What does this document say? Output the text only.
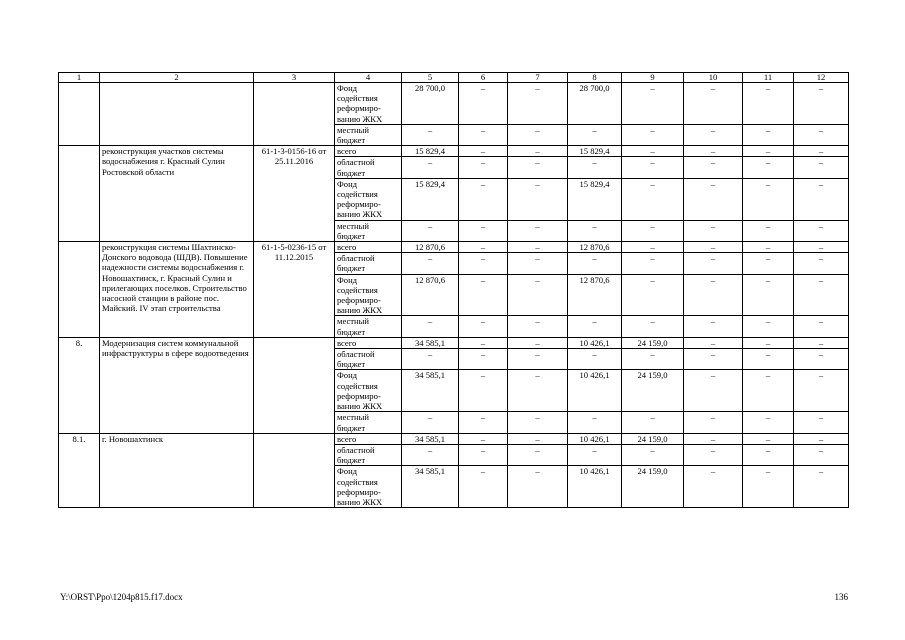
1	2	3	4	5	6	7	8	9	10	11	12
			Фонд содействия реформиро-ванию ЖКХ	28 700,0	–	–	28 700,0	–	–	–	–
			местный бюджет	–	–	–	–	–	–	–	–
	реконструкция участков системы водоснабжения г. Красный Сулин Ростовской области	61-1-3-0156-16 от 25.11.2016	всего	15 829,4	–	–	15 829,4	–	–	–	–
			областной бюджет	–	–	–	–	–	–	–	–
			Фонд содействия реформиро-ванию ЖКХ	15 829,4	–	–	15 829,4	–	–	–	–
			местный бюджет	–	–	–	–	–	–	–	–
	реконструкция системы Шахтинско-Донского водовода (ШДВ). Повышение надежности системы водоснабжения г. Новошахтинск, г. Красный Сулин и прилегающих поселков. Строительство насосной станции в районе пос. Майский. IV этап строительства	61-1-5-0236-15 от 11.12.2015	всего	12 870,6	–	–	12 870,6	–	–	–	–
			областной бюджет	–	–	–	–	–	–	–	–
			Фонд содействия реформиро-ванию ЖКХ	12 870,6	–	–	12 870,6	–	–	–	–
			местный бюджет	–	–	–	–	–	–	–	–
8.	Модернизация систем коммунальной инфраструктуры в сфере водоотведения		всего	34 585,1	–	–	10 426,1	24 159,0	–	–	–
			областной бюджет	–	–	–	–	–	–	–	–
			Фонд содействия реформиро-ванию ЖКХ	34 585,1	–	–	10 426,1	24 159,0	–	–	–
			местный бюджет	–	–	–	–	–	–	–	–
8.1.	г. Новошахтинск		всего	34 585,1	–	–	10 426,1	24 159,0	–	–	–
			областной бюджет	–	–	–	–	–	–	–	–
			Фонд содействия реформиро-ванию ЖКХ	34 585,1	–	–	10 426,1	24 159,0	–	–	–
Y:\ORST\Ppo\1204p815.f17.docx	136
